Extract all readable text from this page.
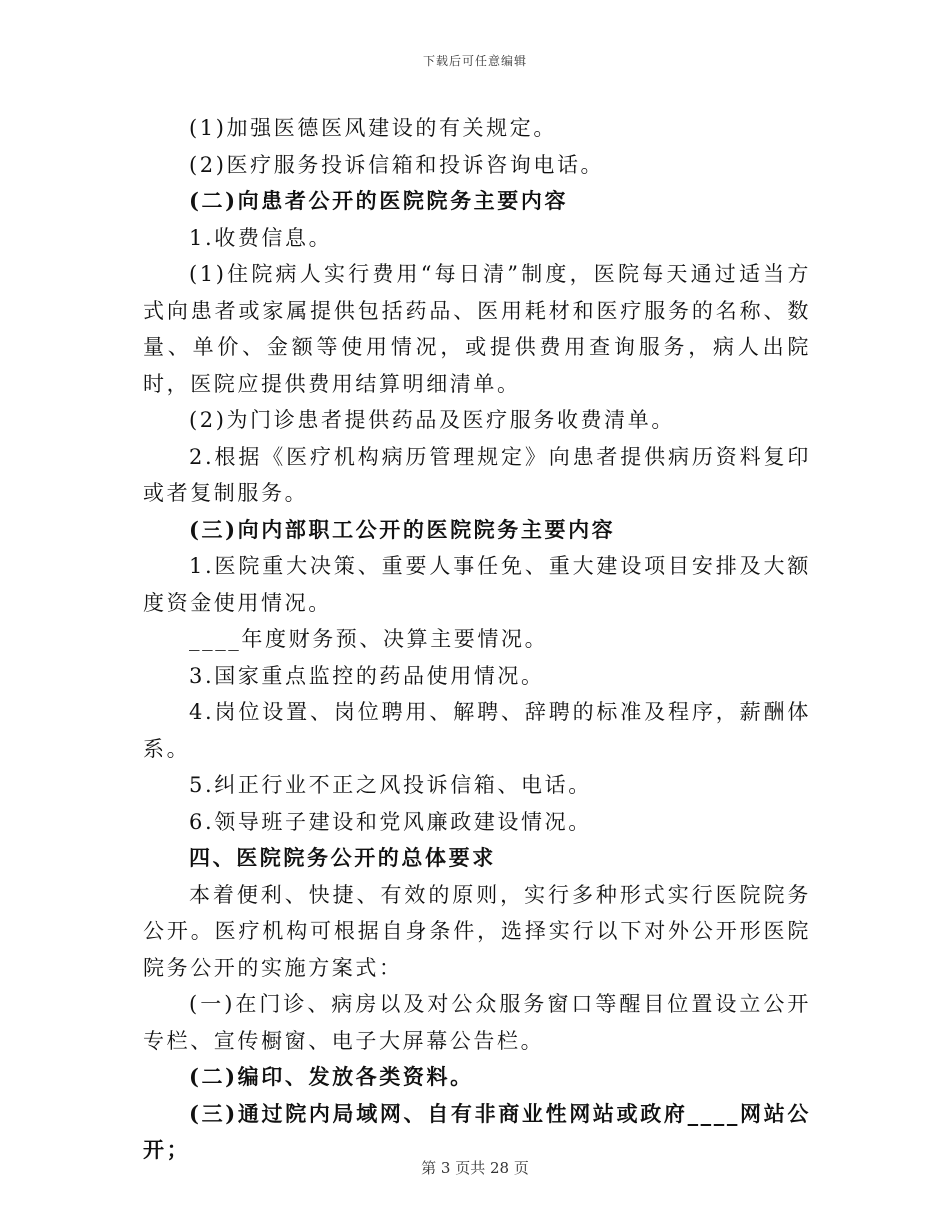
下载后可任意编辑

(1)加强医德医风建设的有关规定。

(2)医疗服务投诉信箱和投诉咨询电话。

(二)向患者公开的医院院务主要内容

1.收费信息。

(1)住院病人实行费用“每日清”制度，医院每天通过适当方式向患者或家属提供包括药品、医用耗材和医疗服务的名称、数量、单价、金额等使用情况，或提供费用查询服务，病人出院时，医院应提供费用结算明细清单。

(2)为门诊患者提供药品及医疗服务收费清单。

2.根据《医疗机构病历管理规定》向患者提供病历资料复印或者复制服务。

(三)向内部职工公开的医院院务主要内容

1.医院重大决策、重要人事任免、重大建设项目安排及大额度资金使用情况。

____年度财务预、决算主要情况。

3.国家重点监控的药品使用情况。

4.岗位设置、岗位聘用、解聘、辞聘的标准及程序，薪酬体系。

5.纠正行业不正之风投诉信箱、电话。

6.领导班子建设和党风廉政建设情况。

四、医院院务公开的总体要求

本着便利、快捷、有效的原则，实行多种形式实行医院院务公开。医疗机构可根据自身条件，选择实行以下对外公开形医院院务公开的实施方案式：

(一)在门诊、病房以及对公众服务窗口等醒目位置设立公开专栏、宣传橱窗、电子大屏幕公告栏。

(二)编印、发放各类资料。

(三)通过院内局域网、自有非商业性网站或政府____网站公开；

第 3 页共 28 页
